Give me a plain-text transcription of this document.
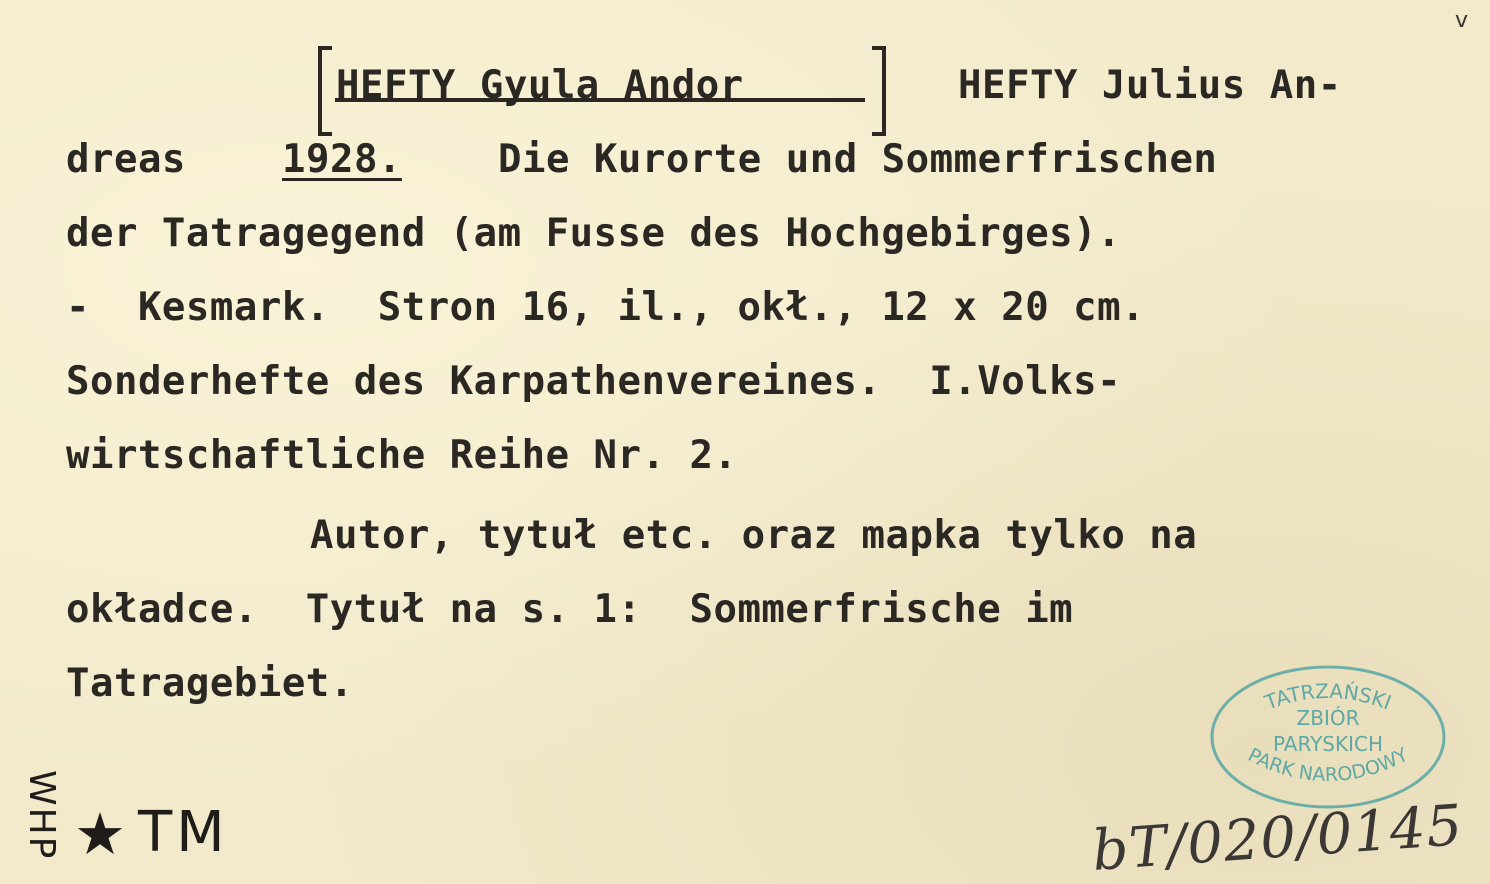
v

HEFTY Gyula Andor

	HEFTY Julius An-

dreas

1928.

Die Kurorte und Sommerfrischen

der Tatragegend (am Fusse des Hochgebirges).

-  Kesmark.  Stron 16, il., okł., 12 x 20 cm.

Sonderhefte des Karpathenvereines.  I.Volks-

wirtschaftliche Reihe Nr. 2.

Autor, tytuł etc. oraz mapka tylko na

okładce.  Tytuł na s. 1:  Sommerfrische im

Tatragebiet.

	TATRZAŃSKI
ZBIÓR
PARYSKICH
PARK NARODOWY
WHP ★ TM	bT/020/0145
